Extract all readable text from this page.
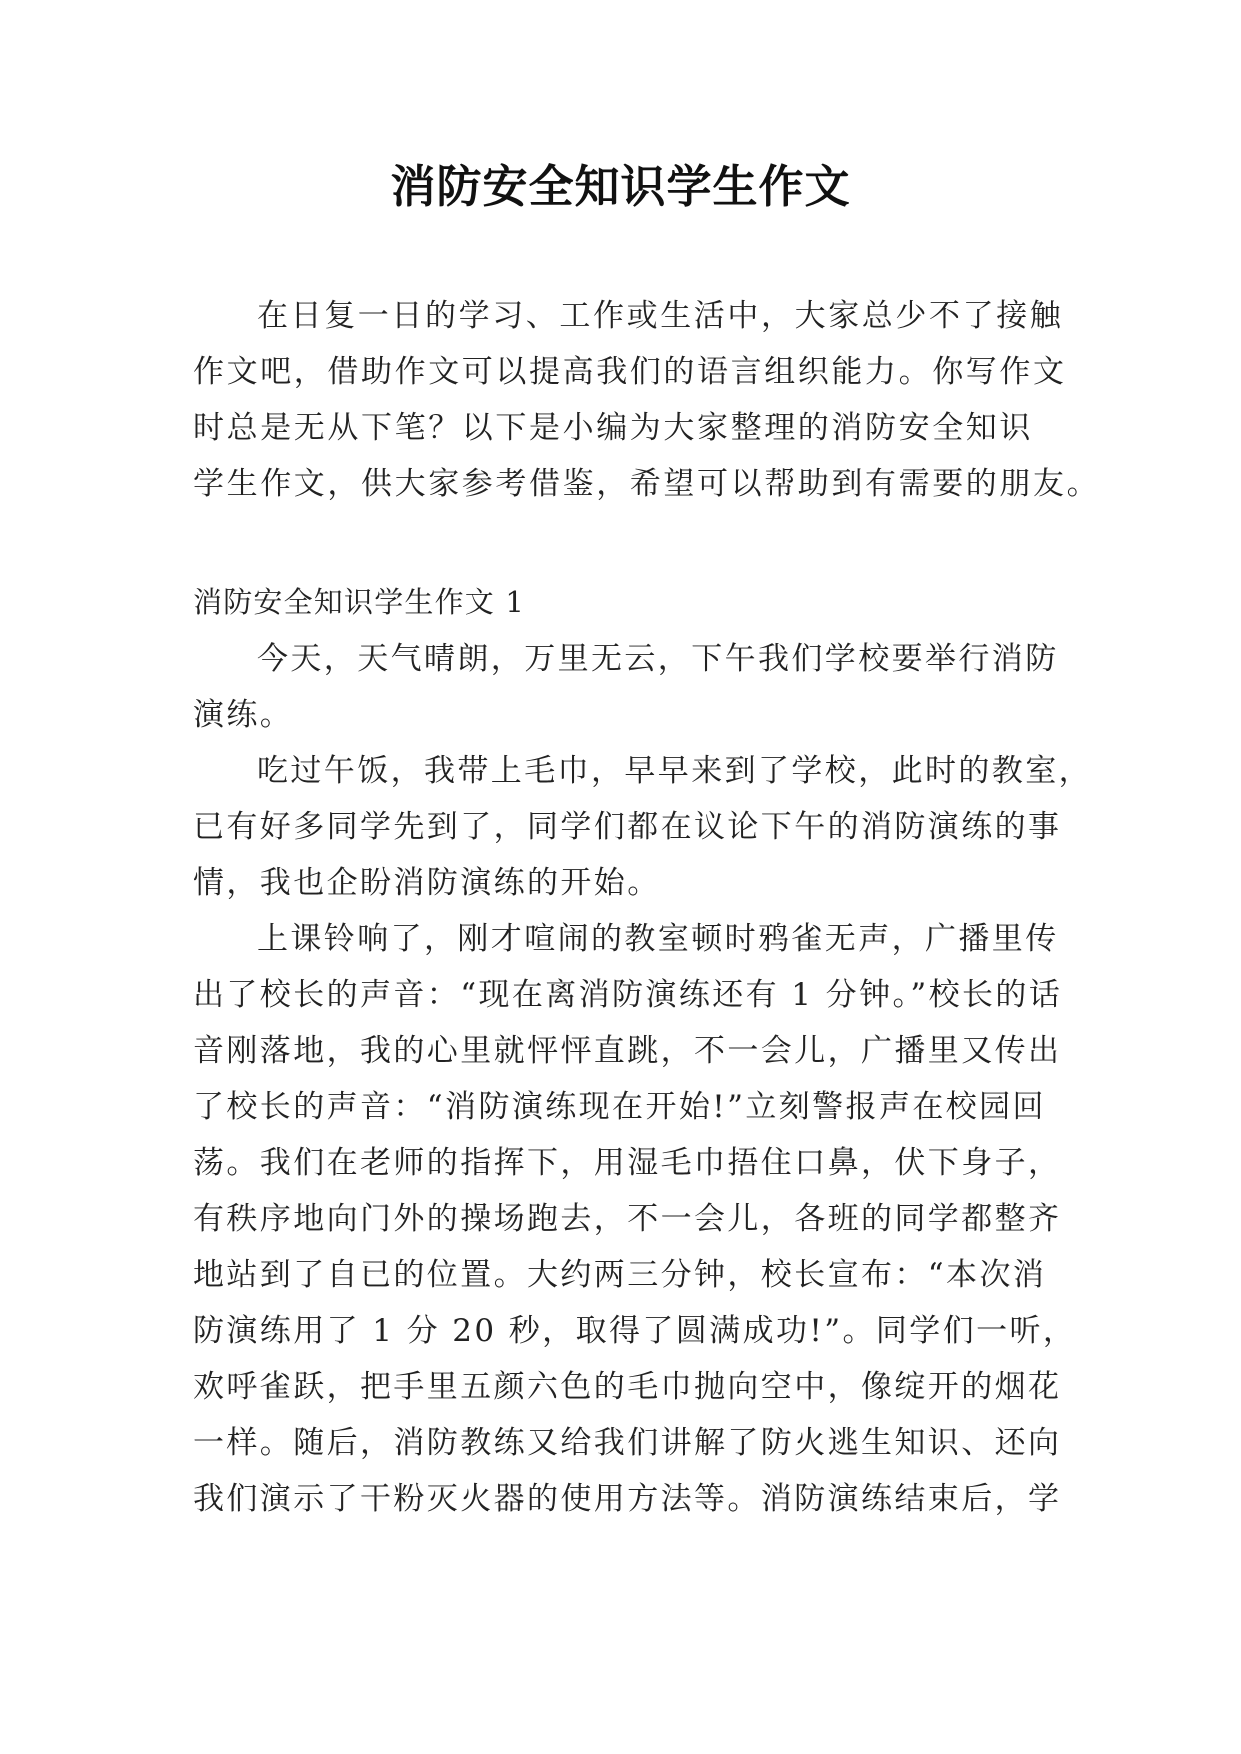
消防安全知识学生作文
在日复一日的学习、工作或生活中，大家总少不了接触
作文吧，借助作文可以提高我们的语言组织能力。你写作文
时总是无从下笔？以下是小编为大家整理的消防安全知识
学生作文，供大家参考借鉴，希望可以帮助到有需要的朋友。
消防安全知识学生作文 1
今天，天气晴朗，万里无云，下午我们学校要举行消防
演练。
吃过午饭，我带上毛巾，早早来到了学校，此时的教室，
已有好多同学先到了，同学们都在议论下午的消防演练的事
情，我也企盼消防演练的开始。
上课铃响了，刚才喧闹的教室顿时鸦雀无声，广播里传
出了校长的声音：“现在离消防演练还有 1 分钟。”校长的话
音刚落地，我的心里就怦怦直跳，不一会儿，广播里又传出
了校长的声音：“消防演练现在开始!”立刻警报声在校园回
荡。我们在老师的指挥下，用湿毛巾捂住口鼻，伏下身子，
有秩序地向门外的操场跑去，不一会儿，各班的同学都整齐
地站到了自已的位置。大约两三分钟，校长宣布：“本次消
防演练用了 1 分 20 秒，取得了圆满成功!”。同学们一听，
欢呼雀跃，把手里五颜六色的毛巾抛向空中，像绽开的烟花
一样。随后，消防教练又给我们讲解了防火逃生知识、还向
我们演示了干粉灭火器的使用方法等。消防演练结束后，学
